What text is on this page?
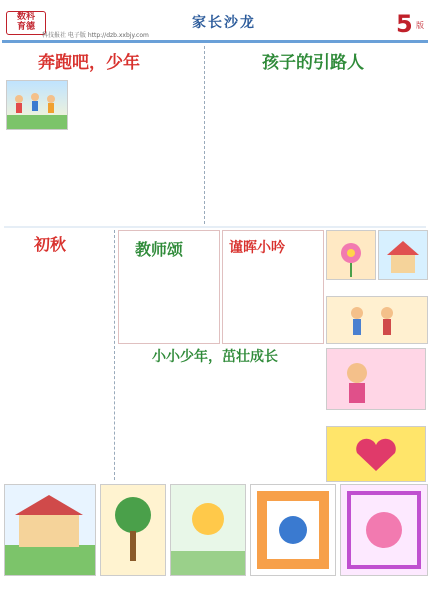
数科
育德	家长沙龙	5 版
科技报社 电子版 http://dzb.xxbjy.com
奔跑吧，少年	孩子的引路人
初秋	教师颂	谨晖小吟
小小少年，茁壮成长
